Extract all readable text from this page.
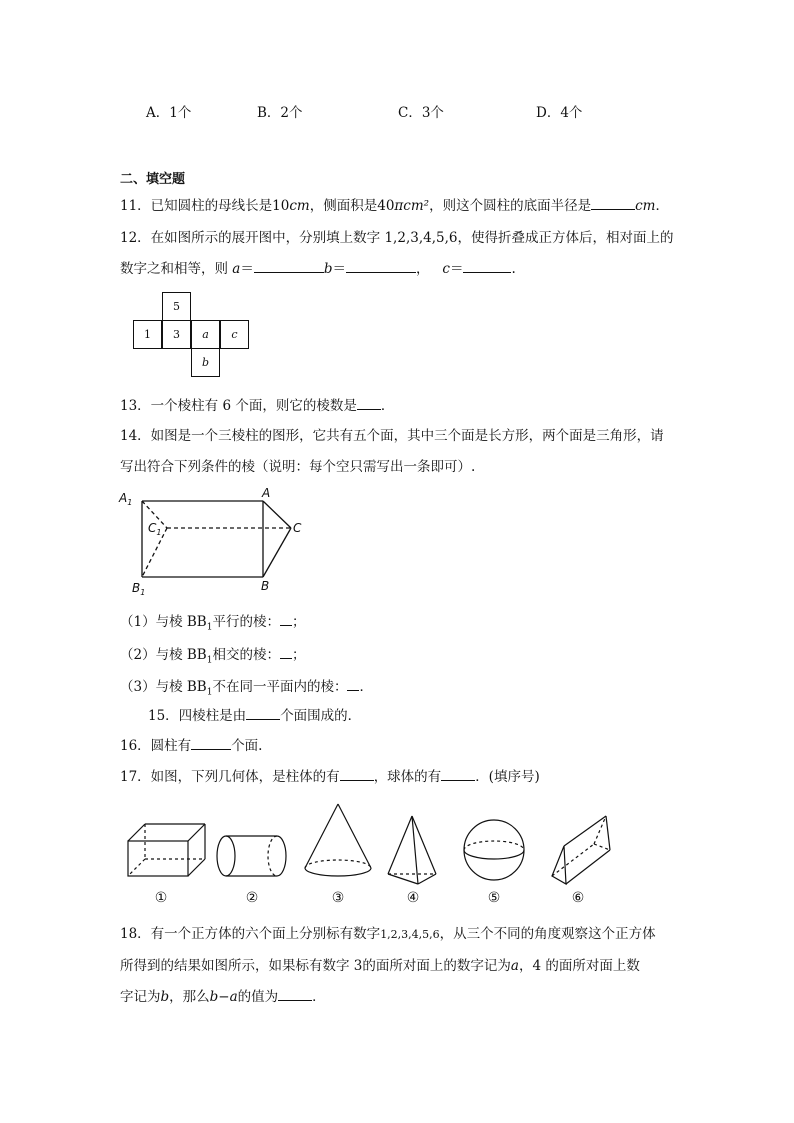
A．1个	B．2个	C．3个	D．4个
二、填空题
11．已知圆柱的母线长是10cm，侧面积是40πcm²，则这个圆柱的底面半径是	cm．
12．在如图所示的展开图中，分别填上数字 1,2,3,4,5,6，使得折叠成正方体后，相对面上的
数字之和相等，则 a＝	b＝	， c＝	.
5
1	3	a	c
b
13．一个棱柱有 6 个面，则它的棱数是 ．
14．如图是一个三棱柱的图形，它共有五个面，其中三个面是长方形，两个面是三角形，请
写出符合下列条件的棱（说明：每个空只需写出一条即可）.
$A_1$
$C_1$
$B_1$
A
C
B
（1）与棱 $BB_1$平行的棱： ；
（2）与棱 $BB_1$相交的棱： ；
（3）与棱 $BB_1$不在同一平面内的棱： ．
15．四棱柱是由	个面围成的．
16．圆柱有	个面.
17．如图，下列几何体，是柱体的有	，球体的有	．(填序号)
①	②	③	④	⑤	⑥
18．有一个正方体的六个面上分别标有数字1,2,3,4,5,6，从三个不同的角度观察这个正方体
所得到的结果如图所示，如果标有数字 3的面所对面上的数字记为a，4 的面所对面上数
字记为b，那么b−a的值为	．
